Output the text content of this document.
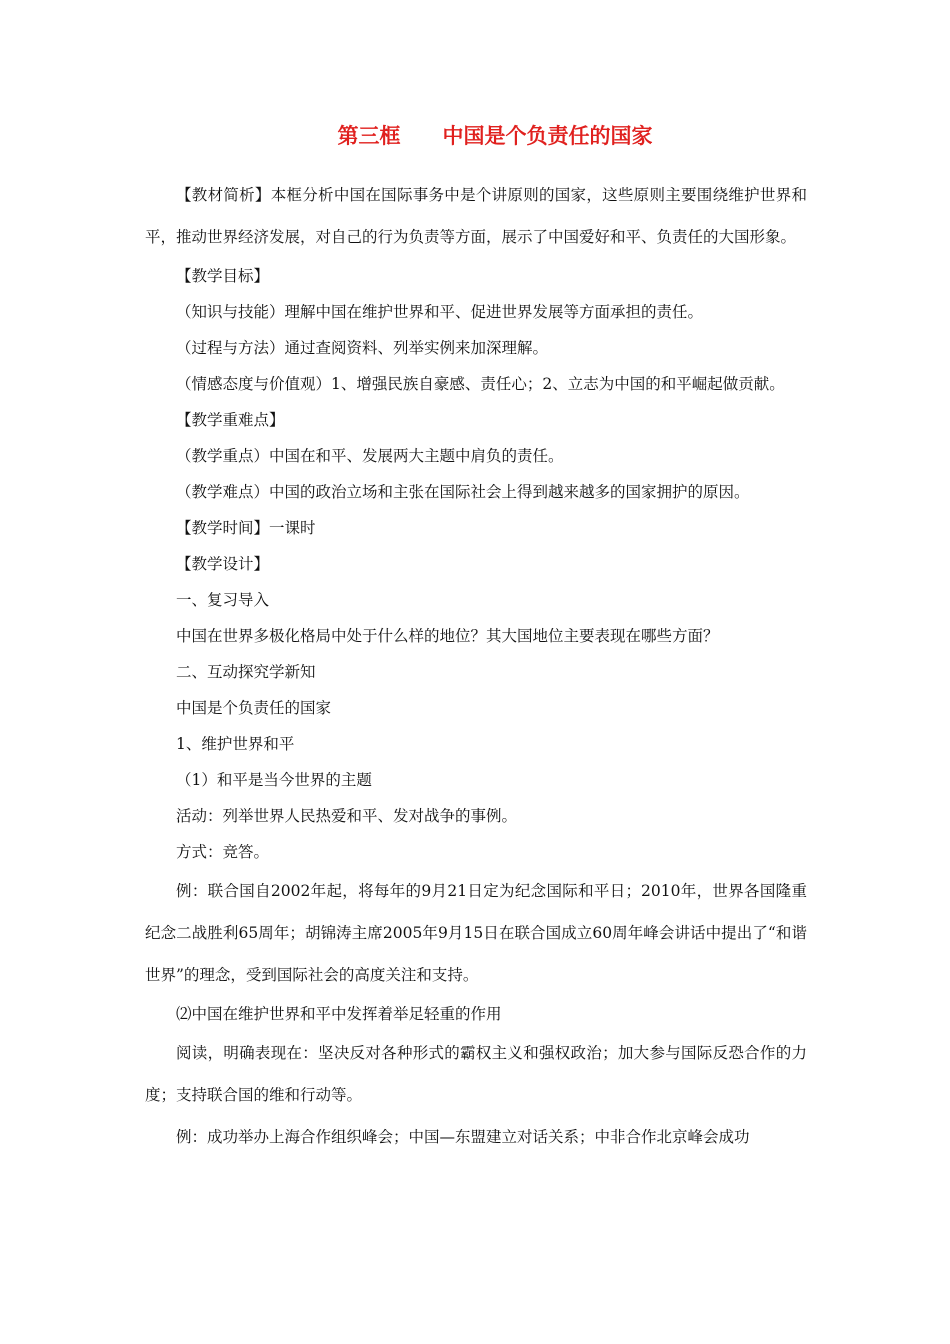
第三框　　中国是个负责任的国家

【教材简析】本框分析中国在国际事务中是个讲原则的国家，这些原则主要围绕维护世界和平，推动世界经济发展，对自己的行为负责等方面，展示了中国爱好和平、负责任的大国形象。

【教学目标】

（知识与技能）理解中国在维护世界和平、促进世界发展等方面承担的责任。

（过程与方法）通过查阅资料、列举实例来加深理解。

（情感态度与价值观）1、增强民族自豪感、责任心；2、立志为中国的和平崛起做贡献。

【教学重难点】

（教学重点）中国在和平、发展两大主题中肩负的责任。

（教学难点）中国的政治立场和主张在国际社会上得到越来越多的国家拥护的原因。

【教学时间】一课时

【教学设计】

一、复习导入

中国在世界多极化格局中处于什么样的地位？其大国地位主要表现在哪些方面？

二、互动探究学新知

中国是个负责任的国家

1、维护世界和平

（1）和平是当今世界的主题

活动：列举世界人民热爱和平、发对战争的事例。

方式：竞答。

例：联合国自2002年起，将每年的9月21日定为纪念国际和平日；2010年，世界各国隆重纪念二战胜利65周年；胡锦涛主席2005年9月15日在联合国成立60周年峰会讲话中提出了“和谐世界”的理念，受到国际社会的高度关注和支持。

⑵中国在维护世界和平中发挥着举足轻重的作用

阅读，明确表现在：坚决反对各种形式的霸权主义和强权政治；加大参与国际反恐合作的力度；支持联合国的维和行动等。

例：成功举办上海合作组织峰会；中国—东盟建立对话关系；中非合作北京峰会成功
